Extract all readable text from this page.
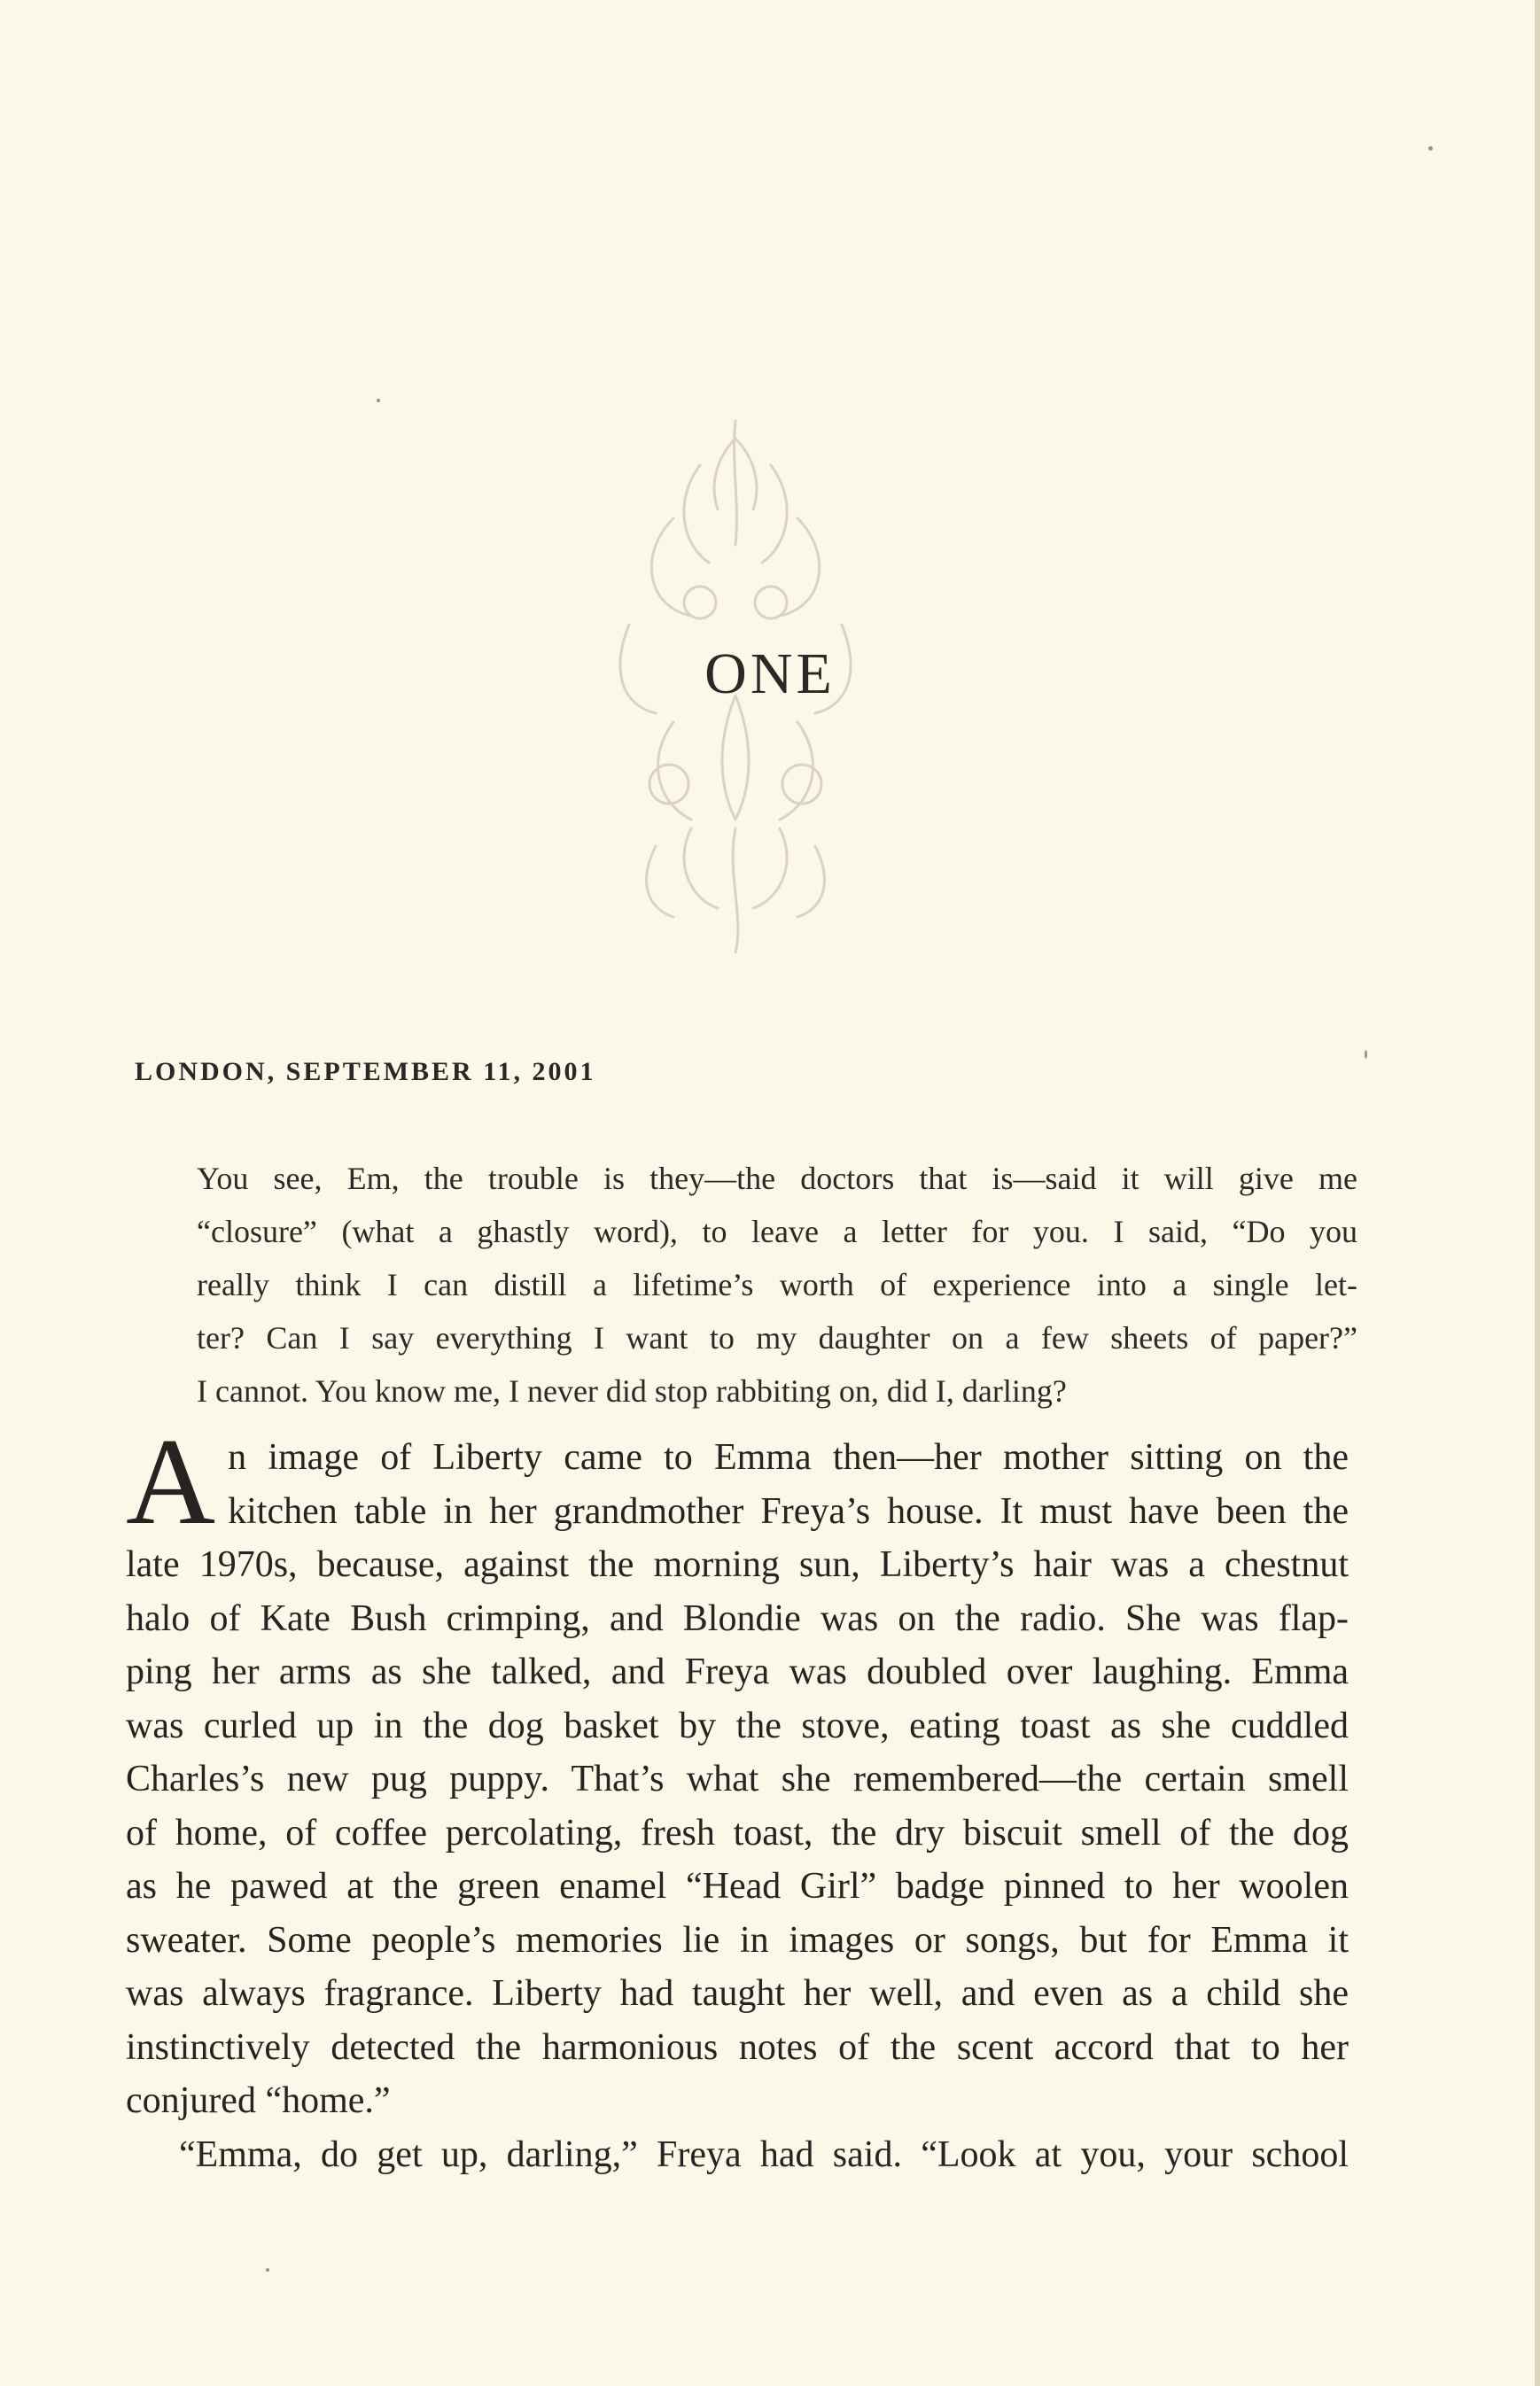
ONE
LONDON, SEPTEMBER 11, 2001
You see, Em, the trouble is they—the doctors that is—said it will give me
“closure” (what a ghastly word), to leave a letter for you. I said, “Do you
really think I can distill a lifetime’s worth of experience into a single let-
ter? Can I say everything I want to my daughter on a few sheets of paper?”
I cannot. You know me, I never did stop rabbiting on, did I, darling?
A n image of Liberty came to Emma then—her mother sitting on the
kitchen table in her grandmother Freya’s house. It must have been the
late 1970s, because, against the morning sun, Liberty’s hair was a chestnut
halo of Kate Bush crimping, and Blondie was on the radio. She was flap-
ping her arms as she talked, and Freya was doubled over laughing. Emma
was curled up in the dog basket by the stove, eating toast as she cuddled
Charles’s new pug puppy. That’s what she remembered—the certain smell
of home, of coffee percolating, fresh toast, the dry biscuit smell of the dog
as he pawed at the green enamel “Head Girl” badge pinned to her woolen
sweater. Some people’s memories lie in images or songs, but for Emma it
was always fragrance. Liberty had taught her well, and even as a child she
instinctively detected the harmonious notes of the scent accord that to her
conjured “home.”
“Emma, do get up, darling,” Freya had said. “Look at you, your school
